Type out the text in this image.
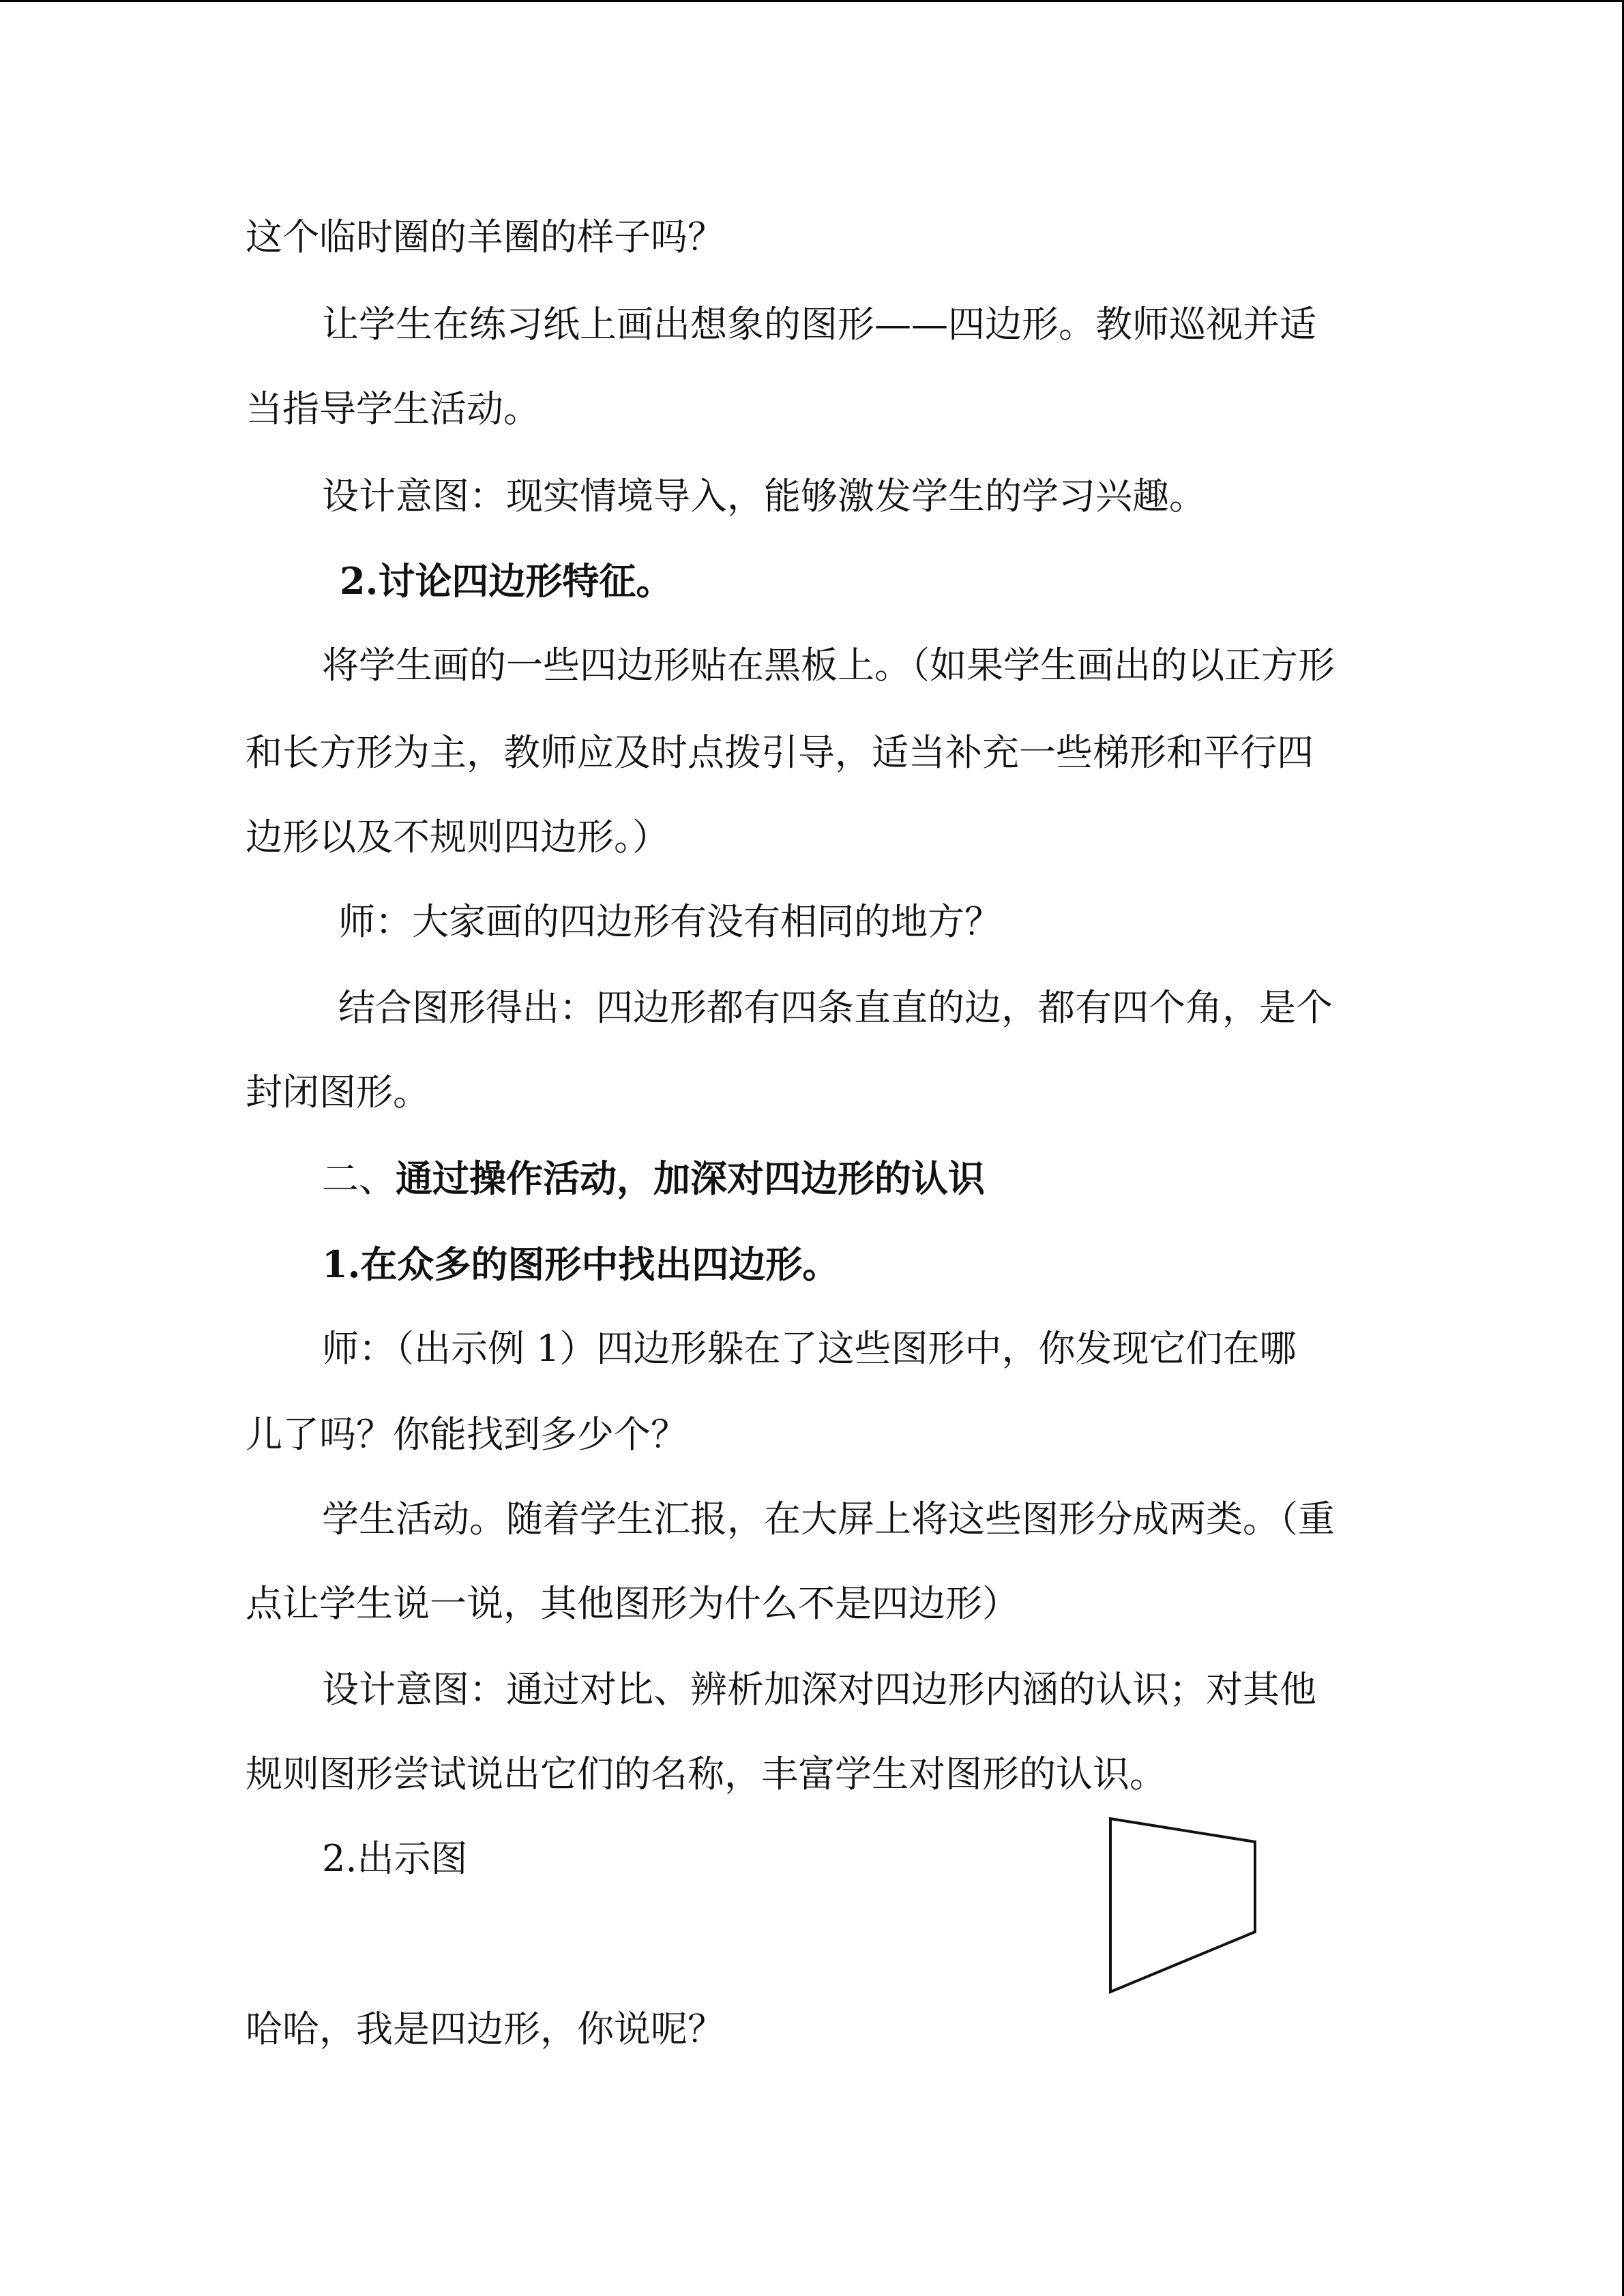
这个临时圈的羊圈的样子吗？
让学生在练习纸上画出想象的图形——四边形。教师巡视并适
当指导学生活动。
设计意图：现实情境导入，能够激发学生的学习兴趣。
2.讨论四边形特征。
将学生画的一些四边形贴在黑板上。（如果学生画出的以正方形
和长方形为主，教师应及时点拨引导，适当补充一些梯形和平行四
边形以及不规则四边形。）
师：大家画的四边形有没有相同的地方？
结合图形得出：四边形都有四条直直的边，都有四个角，是个
封闭图形。
二、通过操作活动，加深对四边形的认识
1.在众多的图形中找出四边形。
师：（出示例 1）四边形躲在了这些图形中，你发现它们在哪
儿了吗？你能找到多少个？
学生活动。随着学生汇报，在大屏上将这些图形分成两类。（重
点让学生说一说，其他图形为什么不是四边形）
设计意图：通过对比、辨析加深对四边形内涵的认识；对其他
规则图形尝试说出它们的名称，丰富学生对图形的认识。
2.出示图
哈哈，我是四边形，你说呢？
